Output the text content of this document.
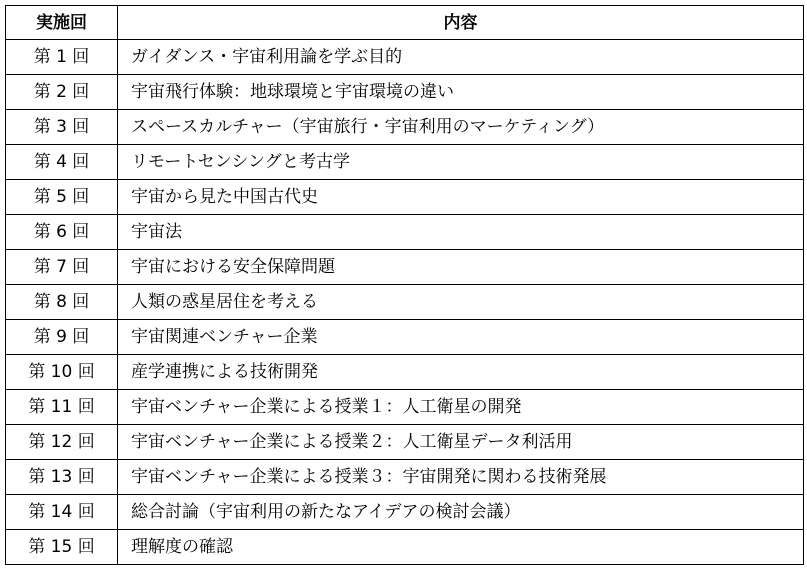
実施回	内容
第 1 回	ガイダンス・宇宙利用論を学ぶ目的
第 2 回	宇宙飛行体験：地球環境と宇宙環境の違い
第 3 回	スペースカルチャー（宇宙旅行・宇宙利用のマーケティング）
第 4 回	リモートセンシングと考古学
第 5 回	宇宙から見た中国古代史
第 6 回	宇宙法
第 7 回	宇宙における安全保障問題
第 8 回	人類の惑星居住を考える
第 9 回	宇宙関連ベンチャー企業
第 10 回	産学連携による技術開発
第 11 回	宇宙ベンチャー企業による授業１：人工衛星の開発
第 12 回	宇宙ベンチャー企業による授業２：人工衛星データ利活用
第 13 回	宇宙ベンチャー企業による授業３：宇宙開発に関わる技術発展
第 14 回	総合討論（宇宙利用の新たなアイデアの検討会議）
第 15 回	理解度の確認
